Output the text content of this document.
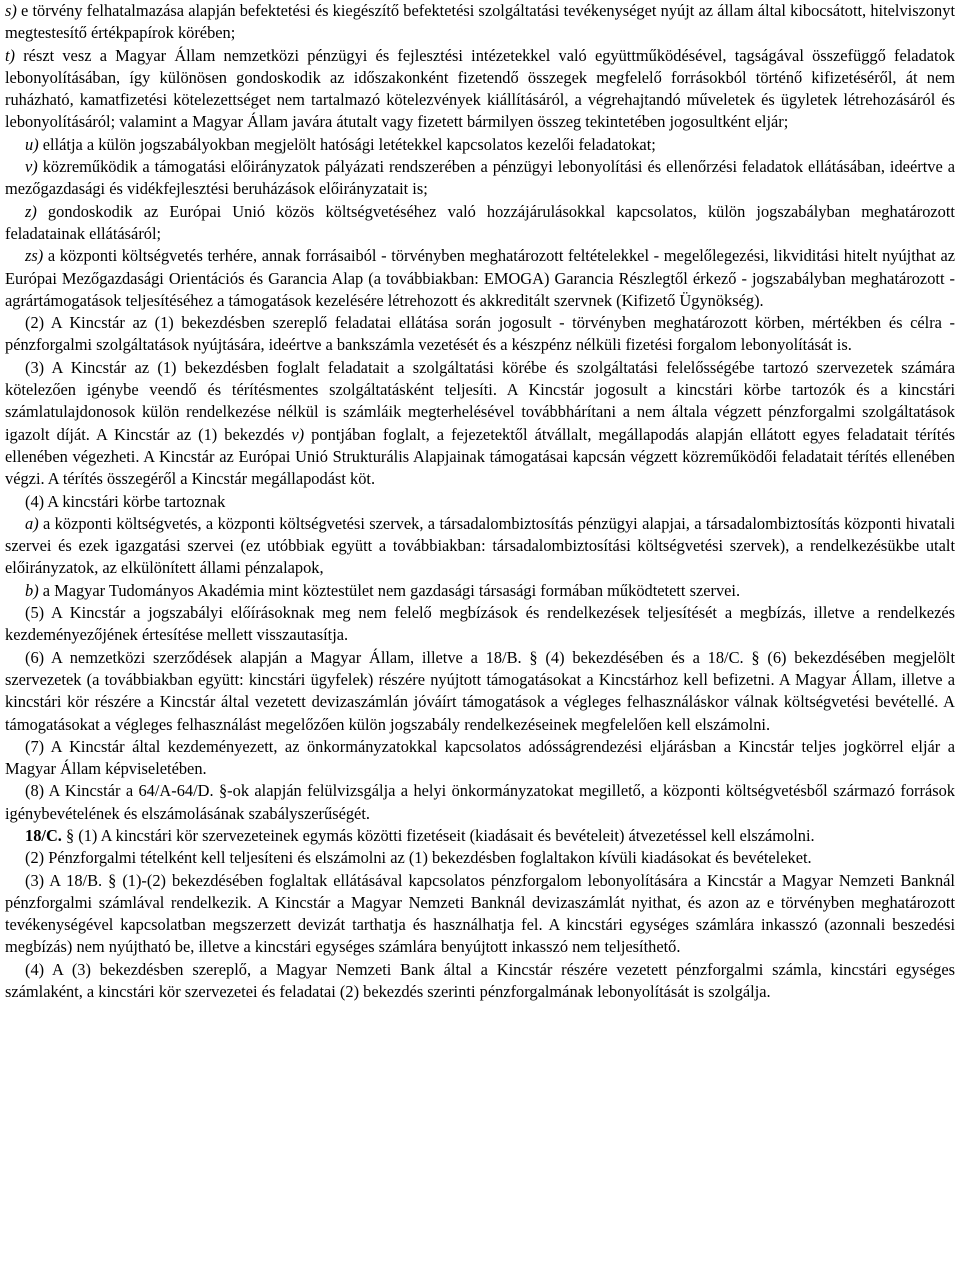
s) e törvény felhatalmazása alapján befektetési és kiegészítő befektetési szolgáltatási tevékenységet nyújt az állam által kibocsátott, hitelviszonyt megtestesítő értékpapírok körében;

t) részt vesz a Magyar Állam nemzetközi pénzügyi és fejlesztési intézetekkel való együttműködésével, tagságával összefüggő feladatok lebonyolításában, így különösen gondoskodik az időszakonként fizetendő összegek megfelelő forrásokból történő kifizetéséről, át nem ruházható, kamatfizetési kötelezettséget nem tartalmazó kötelezvények kiállításáról, a végrehajtandó műveletek és ügyletek létrehozásáról és lebonyolításáról; valamint a Magyar Állam javára átutalt vagy fizetett bármilyen összeg tekintetében jogosultként eljár;

u) ellátja a külön jogszabályokban megjelölt hatósági letétekkel kapcsolatos kezelői feladatokat;

v) közreműködik a támogatási előirányzatok pályázati rendszerében a pénzügyi lebonyolítási és ellenőrzési feladatok ellátásában, ideértve a mezőgazdasági és vidékfejlesztési beruházások előirányzatait is;

z) gondoskodik az Európai Unió közös költségvetéséhez való hozzájárulásokkal kapcsolatos, külön jogszabályban meghatározott feladatainak ellátásáról;

zs) a központi költségvetés terhére, annak forrásaiból - törvényben meghatározott feltételekkel - megelőlegezési, likviditási hitelt nyújthat az Európai Mezőgazdasági Orientációs és Garancia Alap (a továbbiakban: EMOGA) Garancia Részlegtől érkező - jogszabályban meghatározott - agrártámogatások teljesítéséhez a támogatások kezelésére létrehozott és akkreditált szervnek (Kifizető Ügynökség).

(2) A Kincstár az (1) bekezdésben szereplő feladatai ellátása során jogosult - törvényben meghatározott körben, mértékben és célra - pénzforgalmi szolgáltatások nyújtására, ideértve a bankszámla vezetését és a készpénz nélküli fizetési forgalom lebonyolítását is.

(3) A Kincstár az (1) bekezdésben foglalt feladatait a szolgáltatási körébe és szolgáltatási felelősségébe tartozó szervezetek számára kötelezően igénybe veendő és térítésmentes szolgáltatásként teljesíti. A Kincstár jogosult a kincstári körbe tartozók és a kincstári számlatulajdonosok külön rendelkezése nélkül is számláik megterhelésével továbbhárítani a nem általa végzett pénzforgalmi szolgáltatások igazolt díját. A Kincstár az (1) bekezdés v) pontjában foglalt, a fejezetektől átvállalt, megállapodás alapján ellátott egyes feladatait térítés ellenében végezheti. A Kincstár az Európai Unió Strukturális Alapjainak támogatásai kapcsán végzett közreműködői feladatait térítés ellenében végzi. A térítés összegéről a Kincstár megállapodást köt.

(4) A kincstári körbe tartoznak

a) a központi költségvetés, a központi költségvetési szervek, a társadalombiztosítás pénzügyi alapjai, a társadalombiztosítás központi hivatali szervei és ezek igazgatási szervei (ez utóbbiak együtt a továbbiakban: társadalombiztosítási költségvetési szervek), a rendelkezésükbe utalt előirányzatok, az elkülönített állami pénzalapok,

b) a Magyar Tudományos Akadémia mint köztestület nem gazdasági társasági formában működtetett szervei.

(5) A Kincstár a jogszabályi előírásoknak meg nem felelő megbízások és rendelkezések teljesítését a megbízás, illetve a rendelkezés kezdeményezőjének értesítése mellett visszautasítja.

(6) A nemzetközi szerződések alapján a Magyar Állam, illetve a 18/B. § (4) bekezdésében és a 18/C. § (6) bekezdésében megjelölt szervezetek (a továbbiakban együtt: kincstári ügyfelek) részére nyújtott támogatásokat a Kincstárhoz kell befizetni. A Magyar Állam, illetve a kincstári kör részére a Kincstár által vezetett devizaszámlán jóváírt támogatások a végleges felhasználáskor válnak költségvetési bevétellé. A támogatásokat a végleges felhasználást megelőzően külön jogszabály rendelkezéseinek megfelelően kell elszámolni.

(7) A Kincstár által kezdeményezett, az önkormányzatokkal kapcsolatos adósságrendezési eljárásban a Kincstár teljes jogkörrel eljár a Magyar Állam képviseletében.

(8) A Kincstár a 64/A-64/D. §-ok alapján felülvizsgálja a helyi önkormányzatokat megillető, a központi költségvetésből származó források igénybevételének és elszámolásának szabályszerűségét.

18/C. § (1) A kincstári kör szervezeteinek egymás közötti fizetéseit (kiadásait és bevételeit) átvezetéssel kell elszámolni.

(2) Pénzforgalmi tételként kell teljesíteni és elszámolni az (1) bekezdésben foglaltakon kívüli kiadásokat és bevételeket.

(3) A 18/B. § (1)-(2) bekezdésében foglaltak ellátásával kapcsolatos pénzforgalom lebonyolítására a Kincstár a Magyar Nemzeti Banknál pénzforgalmi számlával rendelkezik. A Kincstár a Magyar Nemzeti Banknál devizaszámlát nyithat, és azon az e törvényben meghatározott tevékenységével kapcsolatban megszerzett devizát tarthatja és használhatja fel. A kincstári egységes számlára inkasszó (azonnali beszedési megbízás) nem nyújtható be, illetve a kincstári egységes számlára benyújtott inkasszó nem teljesíthető.

(4) A (3) bekezdésben szereplő, a Magyar Nemzeti Bank által a Kincstár részére vezetett pénzforgalmi számla, kincstári egységes számlaként, a kincstári kör szervezetei és feladatai (2) bekezdés szerinti pénzforgalmának lebonyolítását is szolgálja.
